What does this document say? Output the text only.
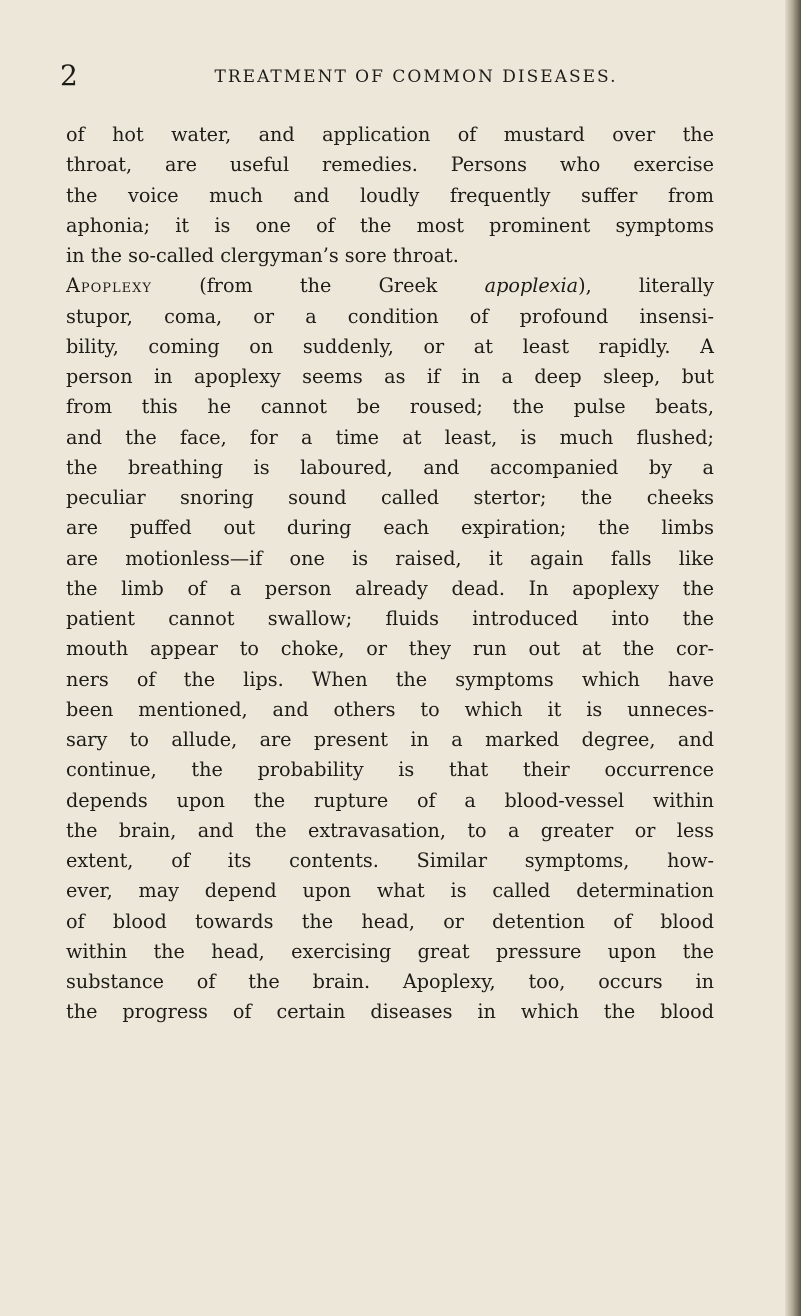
2	TREATMENT OF COMMON DISEASES.
of hot water, and application of mustard over the
throat, are useful remedies. Persons who exercise
the voice much and loudly frequently suffer from
aphonia; it is one of the most prominent symptoms
in the so-called clergyman’s sore throat.
Apoplexy (from the Greek apoplexia), literally
stupor, coma, or a condition of profound insensi-
bility, coming on suddenly, or at least rapidly. A
person in apoplexy seems as if in a deep sleep, but
from this he cannot be roused; the pulse beats,
and the face, for a time at least, is much flushed;
the breathing is laboured, and accompanied by a
peculiar snoring sound called stertor; the cheeks
are puffed out during each expiration; the limbs
are motionless—if one is raised, it again falls like
the limb of a person already dead. In apoplexy the
patient cannot swallow; fluids introduced into the
mouth appear to choke, or they run out at the cor-
ners of the lips. When the symptoms which have
been mentioned, and others to which it is unneces-
sary to allude, are present in a marked degree, and
continue, the probability is that their occurrence
depends upon the rupture of a blood-vessel within
the brain, and the extravasation, to a greater or less
extent, of its contents. Similar symptoms, how-
ever, may depend upon what is called determination
of blood towards the head, or detention of blood
within the head, exercising great pressure upon the
substance of the brain. Apoplexy, too, occurs in
the progress of certain diseases in which the blood
